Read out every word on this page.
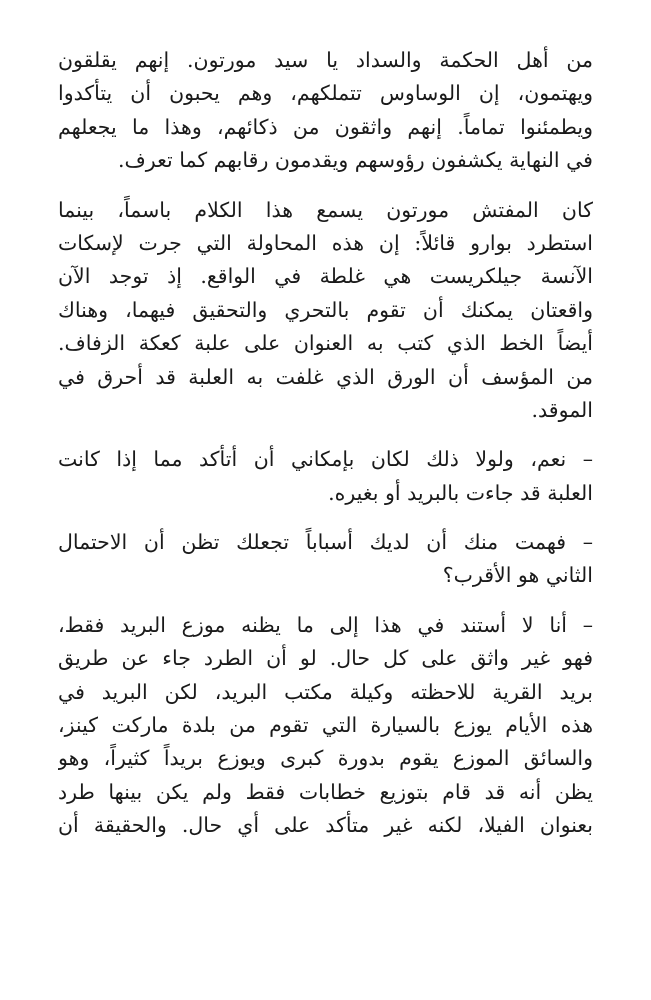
من أهل الحكمة والسداد يا سيد مورتون. إنهم يقلقون
ويهتمون، إن الوساوس تتملكهم، وهم يحبون أن يتأكدوا
ويطمئنوا تماماً. إنهم واثقون من ذكائهم، وهذا ما يجعلهم
في النهاية يكشفون رؤوسهم ويقدمون رقابهم كما تعرف.
كان المفتش مورتون يسمع هذا الكلام باسماً، بينما
استطرد بوارو قائلاً: إن هذه المحاولة التي جرت لإسكات
الآنسة جيلكريست هي غلطة في الواقع. إذ توجد الآن
واقعتان يمكنك أن تقوم بالتحري والتحقيق فيهما، وهناك
أيضاً الخط الذي كتب به العنوان على علبة كعكة الزفاف.
من المؤسف أن الورق الذي غلفت به العلبة قد أحرق في
الموقد.
– نعم، ولولا ذلك لكان بإمكاني أن أتأكد مما إذا كانت
العلبة قد جاءت بالبريد أو بغيره.
– فهمت منك أن لديك أسباباً تجعلك تظن أن الاحتمال
الثاني هو الأقرب؟
– أنا لا أستند في هذا إلى ما يظنه موزع البريد فقط،
فهو غير واثق على كل حال. لو أن الطرد جاء عن طريق
بريد القرية للاحظته وكيلة مكتب البريد، لكن البريد في
هذه الأيام يوزع بالسيارة التي تقوم من بلدة ماركت كينز،
والسائق الموزع يقوم بدورة كبرى ويوزع بريداً كثيراً، وهو
يظن أنه قد قام بتوزيع خطابات فقط ولم يكن بينها طرد
بعنوان الفيلا، لكنه غير متأكد على أي حال. والحقيقة أن
